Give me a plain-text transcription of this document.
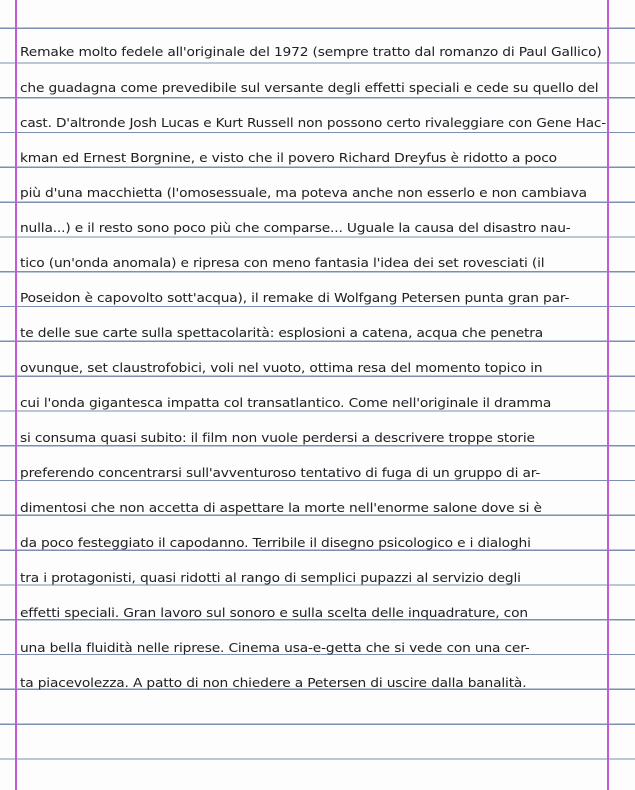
Remake molto fedele all'originale del 1972 (sempre tratto dal romanzo di Paul Gallico)
che guadagna come prevedibile sul versante degli effetti speciali e cede su quello del
cast. D'altronde Josh Lucas e Kurt Russell non possono certo rivaleggiare con Gene Hac-
kman ed Ernest Borgnine, e visto che il povero Richard Dreyfus è ridotto a poco
più d'una macchietta (l'omosessuale, ma poteva anche non esserlo e non cambiava
nulla...) e il resto sono poco più che comparse... Uguale la causa del disastro nau-
tico (un'onda anomala) e ripresa con meno fantasia l'idea dei set rovesciati (il
Poseidon è capovolto sott'acqua), il remake di Wolfgang Petersen punta gran par-
te delle sue carte sulla spettacolarità: esplosioni a catena, acqua che penetra
ovunque, set claustrofobici, voli nel vuoto, ottima resa del momento topico in
cui l'onda gigantesca impatta col transatlantico. Come nell'originale il dramma
si consuma quasi subito: il film non vuole perdersi a descrivere troppe storie
preferendo concentrarsi sull'avventuroso tentativo di fuga di un gruppo di ar-
dimentosi che non accetta di aspettare la morte nell'enorme salone dove si è
da poco festeggiato il capodanno. Terribile il disegno psicologico e i dialoghi
tra i protagonisti, quasi ridotti al rango di semplici pupazzi al servizio degli
effetti speciali. Gran lavoro sul sonoro e sulla scelta delle inquadrature, con
una bella fluidità nelle riprese. Cinema usa-e-getta che si vede con una cer-
ta piacevolezza. A patto di non chiedere a Petersen di uscire dalla banalità.
